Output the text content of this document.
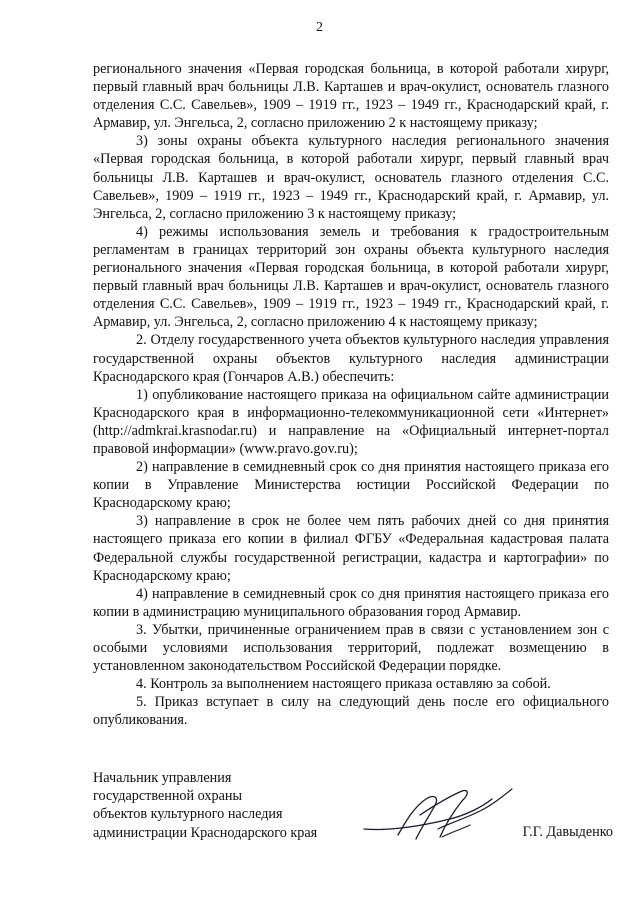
2

регионального значения «Первая городская больница, в которой работали хирург, первый главный врач больницы Л.В. Карташев и врач-окулист, основатель глазного отделения С.С. Савельев», 1909 – 1919 гг., 1923 – 1949 гг., Краснодарский край, г. Армавир, ул. Энгельса, 2, согласно приложению 2 к настоящему приказу;

3) зоны охраны объекта культурного наследия регионального значения «Первая городская больница, в которой работали хирург, первый главный врач больницы Л.В. Карташев и врач-окулист, основатель глазного отделения С.С. Савельев», 1909 – 1919 гг., 1923 – 1949 гг., Краснодарский край, г. Армавир, ул. Энгельса, 2, согласно приложению 3 к настоящему приказу;

4) режимы использования земель и требования к градостроительным регламентам в границах территорий зон охраны объекта культурного наследия регионального значения «Первая городская больница, в которой работали хирург, первый главный врач больницы Л.В. Карташев и врач-окулист, основатель глазного отделения С.С. Савельев», 1909 – 1919 гг., 1923 – 1949 гг., Краснодарский край, г. Армавир, ул. Энгельса, 2, согласно приложению 4 к настоящему приказу;

2. Отделу государственного учета объектов культурного наследия управления государственной охраны объектов культурного наследия администрации Краснодарского края (Гончаров А.В.) обеспечить:

1) опубликование настоящего приказа на официальном сайте администрации Краснодарского края в информационно-телекоммуникационной сети «Интернет» (http://admkrai.krasnodar.ru) и направление на «Официальный интернет-портал правовой информации» (www.pravo.gov.ru);

2) направление в семидневный срок со дня принятия настоящего приказа его копии в Управление Министерства юстиции Российской Федерации по Краснодарскому краю;

3) направление в срок не более чем пять рабочих дней со дня принятия настоящего приказа его копии в филиал ФГБУ «Федеральная кадастровая палата Федеральной службы государственной регистрации, кадастра и картографии» по Краснодарскому краю;

4) направление в семидневный срок со дня принятия настоящего приказа его копии в администрацию муниципального образования город Армавир.

3. Убытки, причиненные ограничением прав в связи с установлением зон с особыми условиями использования территорий, подлежат возмещению в установленном законодательством Российской Федерации порядке.

4. Контроль за выполнением настоящего приказа оставляю за собой.

5. Приказ вступает в силу на следующий день после его официального опубликования.

Начальник управления
государственной охраны
объектов культурного наследия
администрации Краснодарского края	Г.Г. Давыденко
